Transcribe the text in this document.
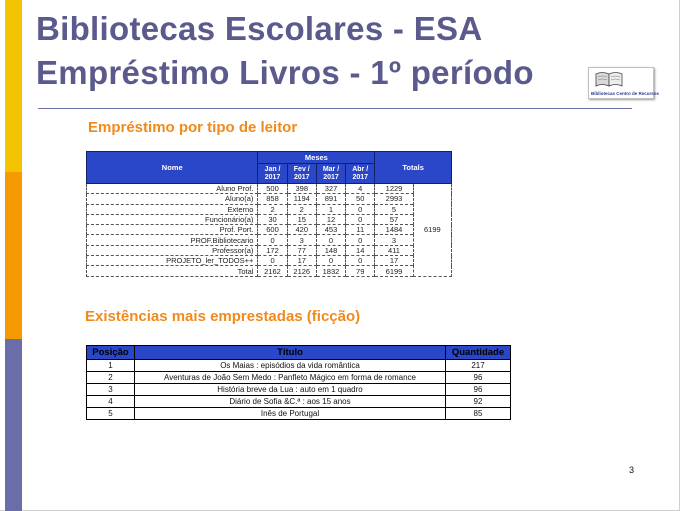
Bibliotecas Escolares - ESA
Empréstimo Livros - 1º período
Bibliotecas Centro de Recursos
Empréstimo por tipo de leitor
Nome	Meses				Totals	
	Jan / 2017	Fev / 2017	Mar / 2017	Abr / 2017		
Aluno Prof.	500	398	327	4	1229	6199
Aluno(a)	858	1194	891	50	2993	
Externo	2	2	1	0	5	
Funcionário(a)	30	15	12	0	57	
Prof. Port.	600	420	453	11	1484	
PROF.Bibliotecario	0	3	0	0	3	
Professor(a)	172	77	148	14	411	
PROJETO_ler_TODOS++	0	17	0	0	17	
Total	2162	2126	1832	79	6199	
Existências mais emprestadas (ficção)
Posição	Título	Quantidade
1	Os Maias : episódios da vida romântica	217
2	Aventuras de João Sem Medo : Panfleto Mágico em forma de romance	96
3	História breve da Lua : auto em 1 quadro	96
4	Diário de Sofia &C.ª : aos 15 anos	92
5	Inês de Portugal	85
3
